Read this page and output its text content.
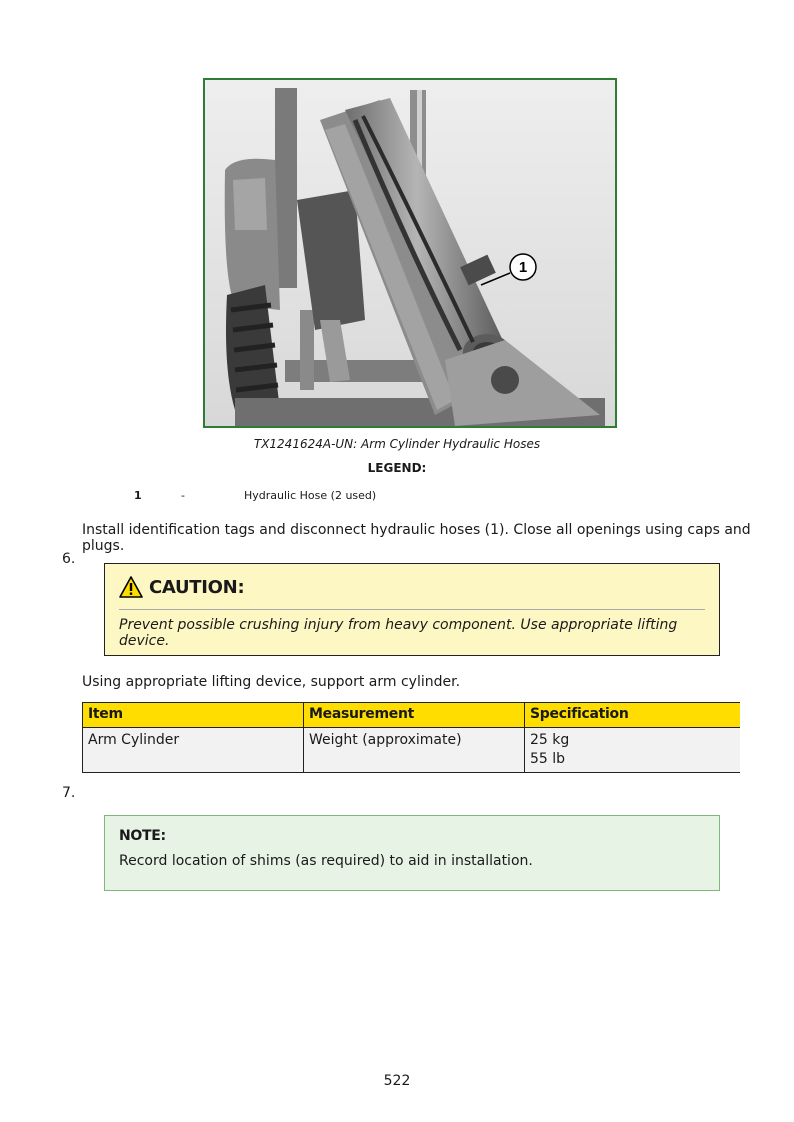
1
TX1241624A-UN: Arm Cylinder Hydraulic Hoses
LEGEND:
1	-	Hydraulic Hose (2 used)
Install identification tags and disconnect hydraulic hoses (1). Close all openings using caps and plugs.
6.
CAUTION:
Prevent possible crushing injury from heavy component. Use appropriate lifting device.
Using appropriate lifting device, support arm cylinder.
Item	Measurement	Specification
Arm Cylinder	Weight (approximate)	25 kg
55 lb
7.
NOTE:
Record location of shims (as required) to aid in installation.
522
